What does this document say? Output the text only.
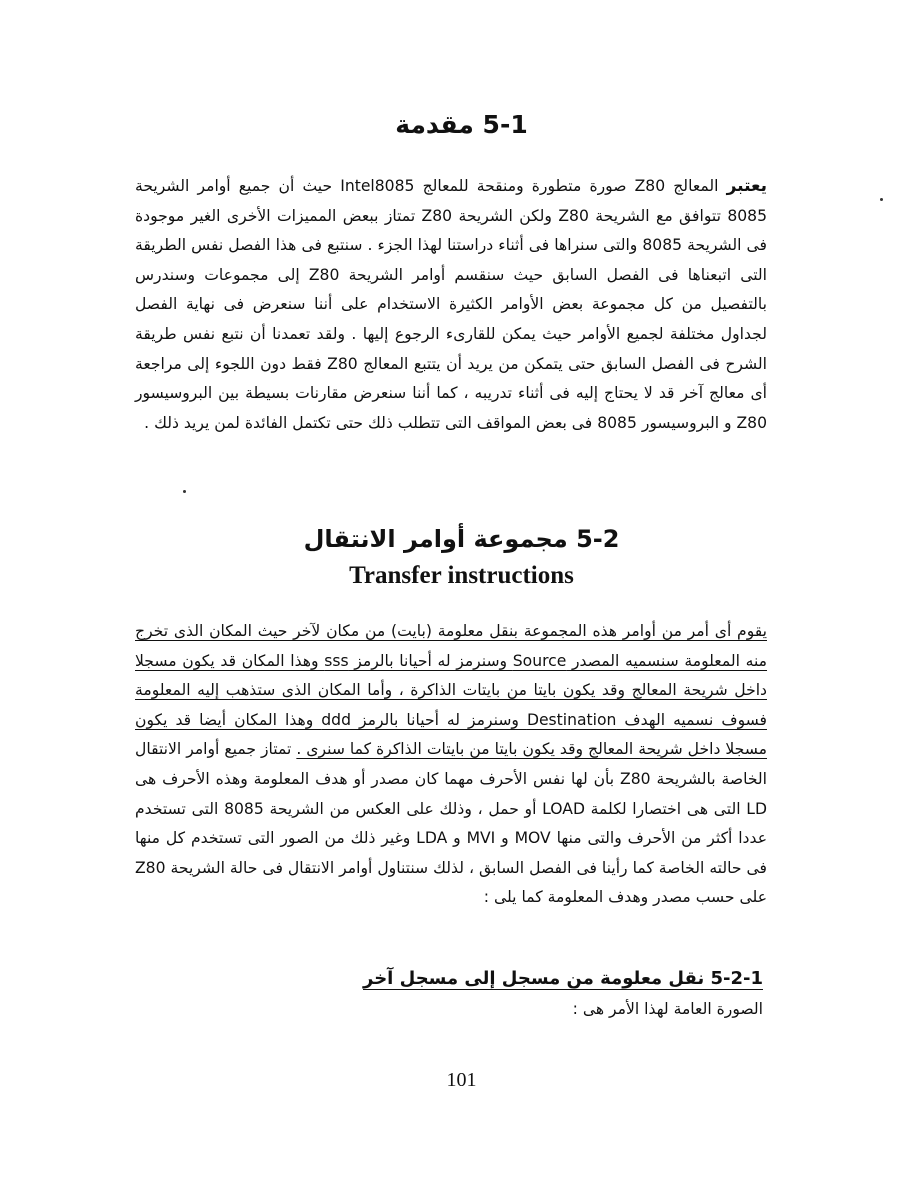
5-1 مقدمة

يعتبر المعالج Z80 صورة متطورة ومنقحة للمعالج Intel8085 حيث أن جميع أوامر الشريحة 8085 تتوافق مع الشريحة Z80 ولكن الشريحة Z80 تمتاز ببعض المميزات الأخرى الغير موجودة فى الشريحة 8085 والتى سنراها فى أثناء دراستنا لهذا الجزء . سنتبع فى هذا الفصل نفس الطريقة التى اتبعناها فى الفصل السابق حيث سنقسم أوامر الشريحة Z80 إلى مجموعات وسندرس بالتفصيل من كل مجموعة بعض الأوامر الكثيرة الاستخدام على أننا سنعرض فى نهاية الفصل لجداول مختلفة لجميع الأوامر حيث يمكن للقارىء الرجوع إليها . ولقد تعمدنا أن نتبع نفس طريقة الشرح فى الفصل السابق حتى يتمكن من يريد أن يتتبع المعالج Z80 فقط دون اللجوء إلى مراجعة أى معالج آخر قد لا يحتاج إليه فى أثناء تدريبه ، كما أننا سنعرض مقارنات بسيطة بين البروسيسور Z80 و البروسيسور 8085 فى بعض المواقف التى تتطلب ذلك حتى تكتمل الفائدة لمن يريد ذلك .

5-2 مجموعة أوامر الانتقال
Transfer instructions

يقوم أى أمر من أوامر هذه المجموعة بنقل معلومة (بايت) من مكان لآخر حيث المكان الذى تخرج منه المعلومة سنسميه المصدر Source وسنرمز له أحيانا بالرمز sss وهذا المكان قد يكون مسجلا داخل شريحة المعالج وقد يكون بايتا من بايتات الذاكرة ، وأما المكان الذى ستذهب إليه المعلومة فسوف نسميه الهدف Destination وسنرمز له أحيانا بالرمز ddd وهذا المكان أيضا قد يكون مسجلا داخل شريحة المعالج وقد يكون بايتا من بايتات الذاكرة كما سنرى . تمتاز جميع أوامر الانتقال الخاصة بالشريحة Z80 بأن لها نفس الأحرف مهما كان مصدر أو هدف المعلومة وهذه الأحرف هى LD التى هى اختصارا لكلمة LOAD أو حمل ، وذلك على العكس من الشريحة 8085 التى تستخدم عددا أكثر من الأحرف والتى منها MOV و MVI و LDA وغير ذلك من الصور التى تستخدم كل منها فى حالته الخاصة كما رأينا فى الفصل السابق ، لذلك سنتناول أوامر الانتقال فى حالة الشريحة Z80 على حسب مصدر وهدف المعلومة كما يلى :

5-2-1 نقل معلومة من مسجل إلى مسجل آخر

الصورة العامة لهذا الأمر هى :

101
